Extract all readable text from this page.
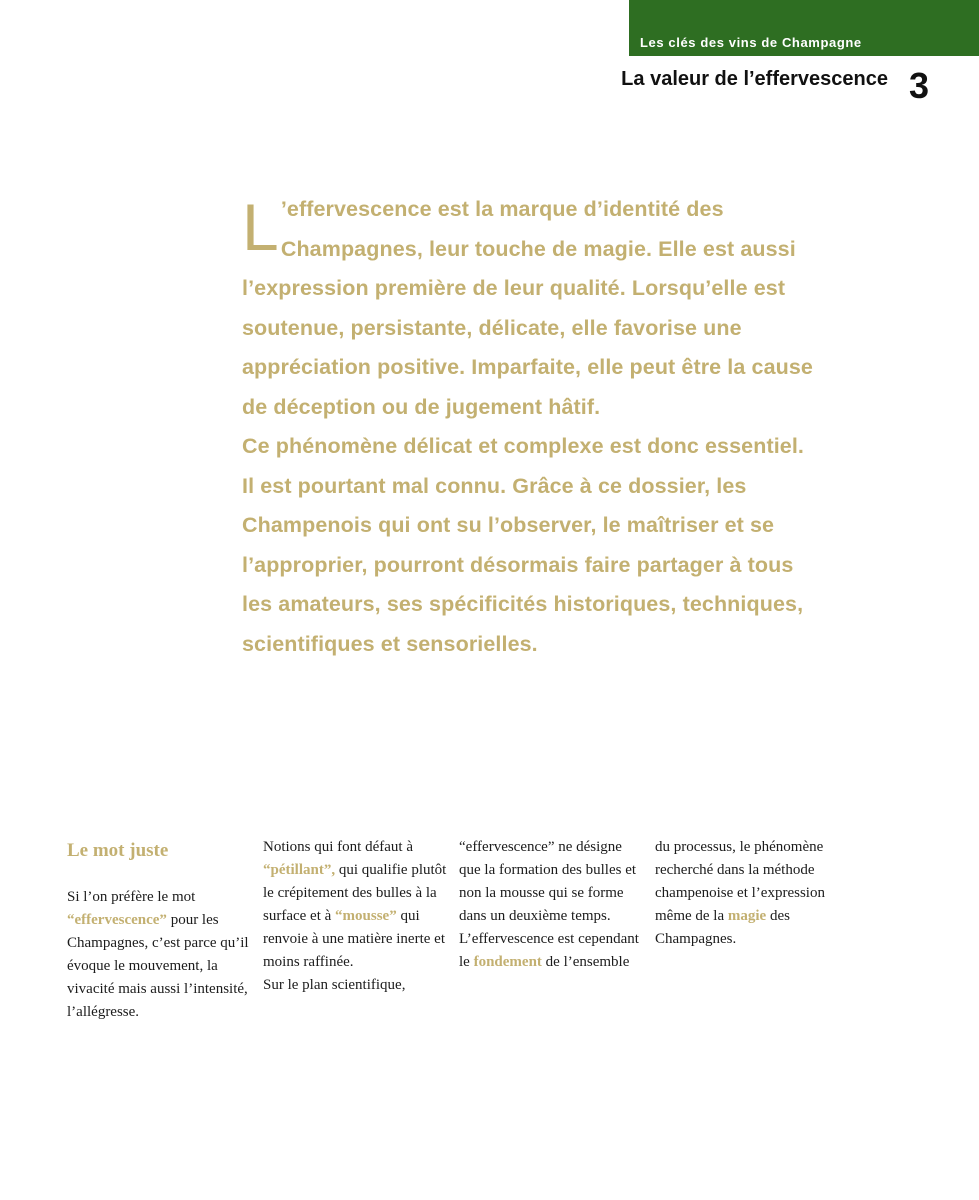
Les clés des vins de Champagne
La valeur de l’effervescence 3

L ’effervescence est la marque d’identité des Champagnes, leur touche de magie. Elle est aussi l’expression première de leur qualité. Lorsqu’elle est soutenue, persistante, délicate, elle favorise une appréciation positive. Imparfaite, elle peut être la cause de déception ou de jugement hâtif.

Ce phénomène délicat et complexe est donc essentiel. Il est pourtant mal connu. Grâce à ce dossier, les Champenois qui ont su l’observer, le maîtriser et se l’approprier, pourront désormais faire partager à tous les amateurs, ses spécificités historiques, techniques, scientifiques et sensorielles.

Le mot juste

Si l’on préfère le mot “effervescence” pour les Champagnes, c’est parce qu’il évoque le mouvement, la vivacité mais aussi l’intensité, l’allégresse.

Notions qui font défaut à “pétillant”, qui qualifie plutôt le crépitement des bulles à la surface et à “mousse” qui renvoie à une matière inerte et moins raffinée.

Sur le plan scientifique,

“effervescence” ne désigne que la formation des bulles et non la mousse qui se forme dans un deuxième temps. L’effervescence est cependant le fondement de l’ensemble

du processus, le phénomène recherché dans la méthode champenoise et l’expression même de la magie des Champagnes.
